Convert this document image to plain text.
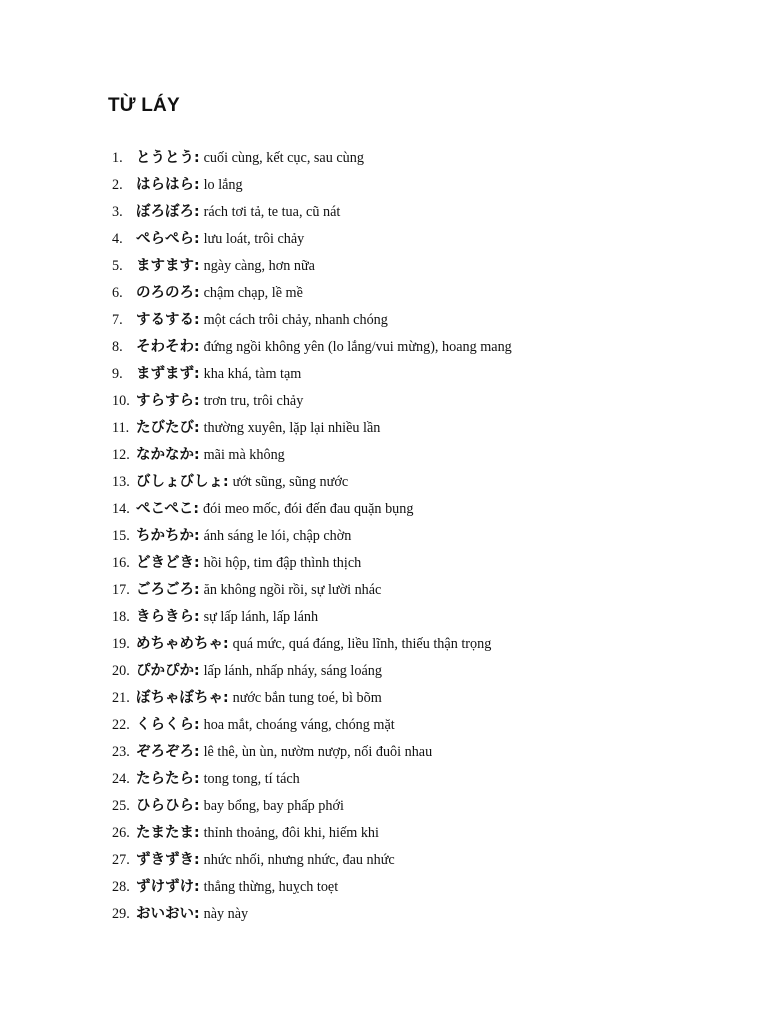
TỪ LÁY
1. とうとう : cuối cùng, kết cục, sau cùng
2. はらはら : lo lắng
3. ぼろぼろ : rách tơi tả, te tua, cũ nát
4. ぺらぺら : lưu loát, trôi chảy
5. ますます : ngày càng, hơn nữa
6. のろのろ : chậm chạp, lề mề
7. するする : một cách trôi chảy, nhanh chóng
8. そわそわ : đứng ngồi không yên (lo lắng/vui mừng), hoang mang
9. まずまず : kha khá, tàm tạm
10. すらすら : trơn tru, trôi chảy
11. たびたび : thường xuyên, lặp lại nhiều lần
12. なかなか : mãi mà không
13. びしょびしょ : ướt sũng, sũng nước
14. ぺこぺこ : đói meo mốc, đói đến đau quặn bụng
15. ちかちか : ánh sáng le lói, chập chờn
16. どきどき : hồi hộp, tim đập thình thịch
17. ごろごろ : ăn không ngồi rồi, sự lười nhác
18. きらきら : sự lấp lánh, lấp lánh
19. めちゃめちゃ : quá mức, quá đáng, liều lĩnh, thiếu thận trọng
20. ぴかぴか : lấp lánh, nhấp nháy, sáng loáng
21. ぼちゃぼちゃ : nước bắn tung toé, bì bõm
22. くらくら : hoa mắt, choáng váng, chóng mặt
23. ぞろぞろ : lê thê, ùn ùn, nườm nượp, nối đuôi nhau
24. たらたら : tong tong, tí tách
25. ひらひら : bay bổng, bay phấp phới
26. たまたま : thỉnh thoảng, đôi khi, hiếm khi
27. ずきずき : nhức nhối, nhưng nhức, đau nhức
28. ずけずけ : thẳng thừng, huỵch toẹt
29. おいおい : này này
